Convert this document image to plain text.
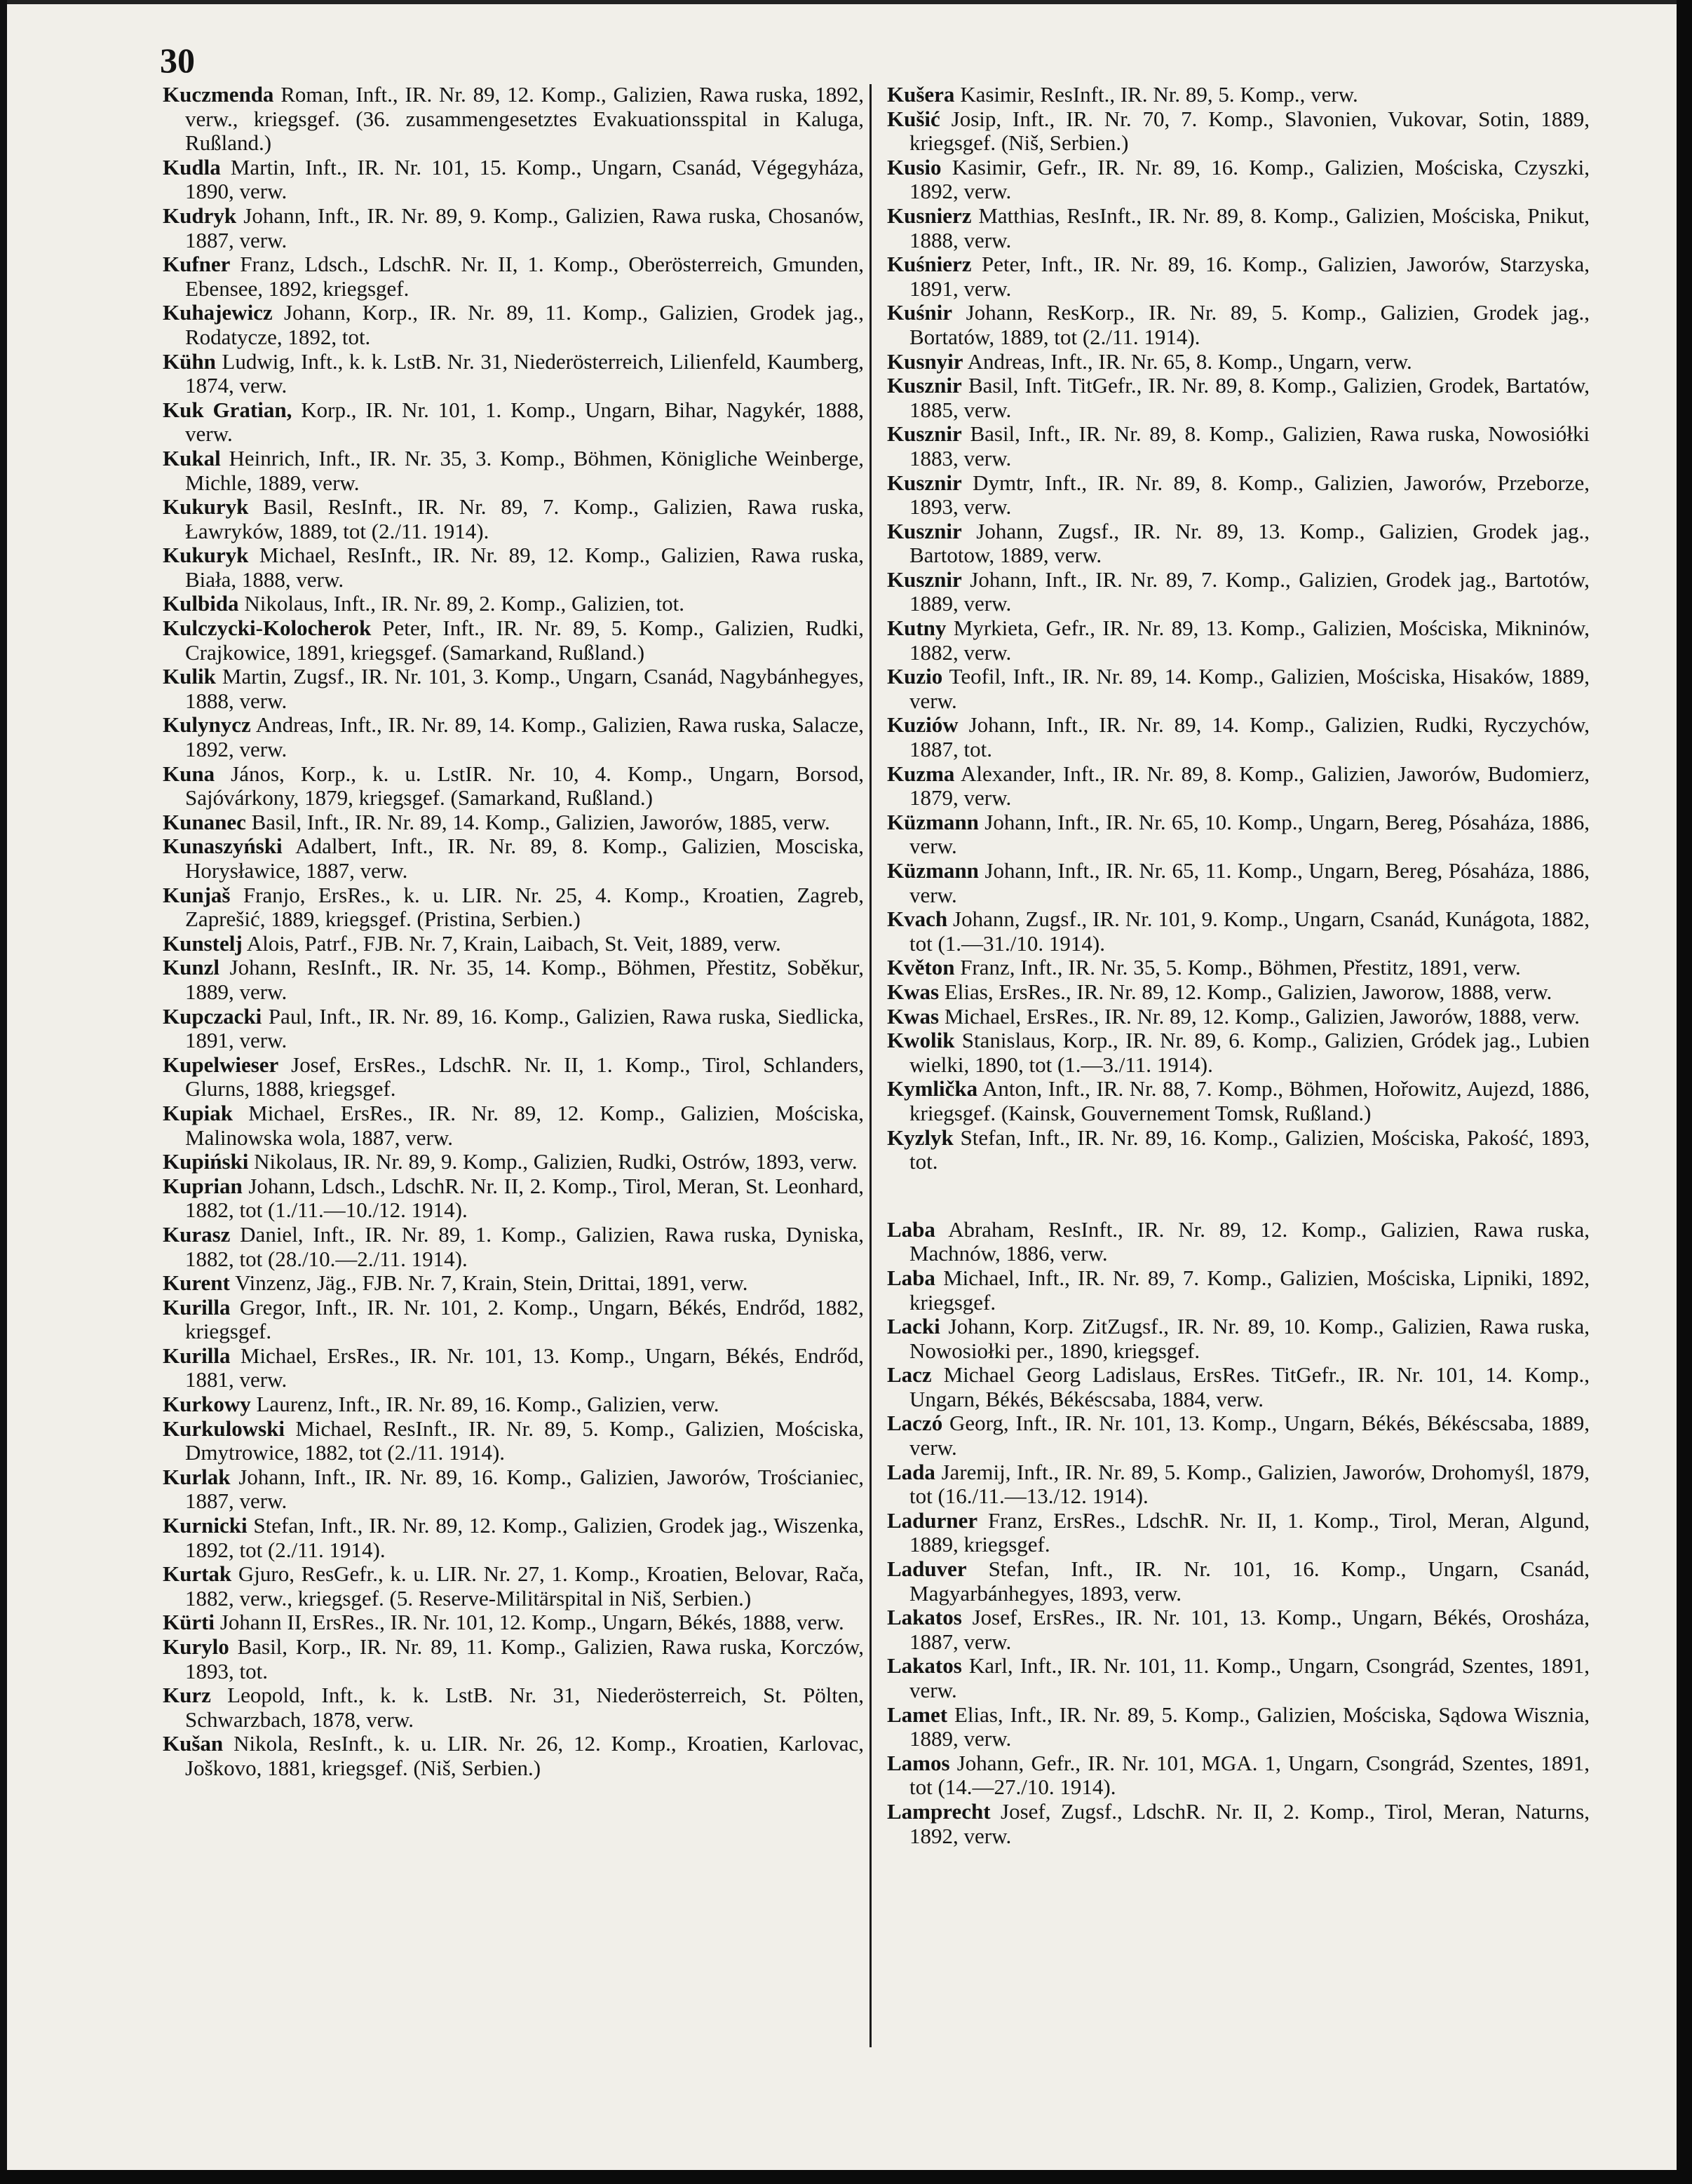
30

Kuczmenda Roman, Inft., IR. Nr. 89, 12. Komp., Galizien, Rawa ruska, 1892, verw., kriegsgef. (36. zusammengesetztes Evakuationsspital in Kaluga, Rußland.)

Kudla Martin, Inft., IR. Nr. 101, 15. Komp., Ungarn, Csanád, Végegyháza, 1890, verw.

Kudryk Johann, Inft., IR. Nr. 89, 9. Komp., Galizien, Rawa ruska, Chosanów, 1887, verw.

Kufner Franz, Ldsch., LdschR. Nr. II, 1. Komp., Oberösterreich, Gmunden, Ebensee, 1892, kriegsgef.

Kuhajewicz Johann, Korp., IR. Nr. 89, 11. Komp., Galizien, Grodek jag., Rodatycze, 1892, tot.

Kühn Ludwig, Inft., k. k. LstB. Nr. 31, Niederösterreich, Lilienfeld, Kaumberg, 1874, verw.

Kuk Gratian, Korp., IR. Nr. 101, 1. Komp., Ungarn, Bihar, Nagykér, 1888, verw.

Kukal Heinrich, Inft., IR. Nr. 35, 3. Komp., Böhmen, Königliche Weinberge, Michle, 1889, verw.

Kukuryk Basil, ResInft., IR. Nr. 89, 7. Komp., Galizien, Rawa ruska, Ławryków, 1889, tot (2./11. 1914).

Kukuryk Michael, ResInft., IR. Nr. 89, 12. Komp., Galizien, Rawa ruska, Biała, 1888, verw.

Kulbida Nikolaus, Inft., IR. Nr. 89, 2. Komp., Galizien, tot.

Kulczycki-Kolocherok Peter, Inft., IR. Nr. 89, 5. Komp., Galizien, Rudki, Crajkowice, 1891, kriegsgef. (Samarkand, Rußland.)

Kulik Martin, Zugsf., IR. Nr. 101, 3. Komp., Ungarn, Csanád, Nagybánhegyes, 1888, verw.

Kulynycz Andreas, Inft., IR. Nr. 89, 14. Komp., Galizien, Rawa ruska, Salacze, 1892, verw.

Kuna János, Korp., k. u. LstIR. Nr. 10, 4. Komp., Ungarn, Borsod, Sajóvárkony, 1879, kriegsgef. (Samarkand, Rußland.)

Kunanec Basil, Inft., IR. Nr. 89, 14. Komp., Galizien, Jaworów, 1885, verw.

Kunaszyński Adalbert, Inft., IR. Nr. 89, 8. Komp., Galizien, Mosciska, Horysławice, 1887, verw.

Kunjaš Franjo, ErsRes., k. u. LIR. Nr. 25, 4. Komp., Kroatien, Zagreb, Zaprešić, 1889, kriegsgef. (Pristina, Serbien.)

Kunstelj Alois, Patrf., FJB. Nr. 7, Krain, Laibach, St. Veit, 1889, verw.

Kunzl Johann, ResInft., IR. Nr. 35, 14. Komp., Böhmen, Přestitz, Soběkur, 1889, verw.

Kupczacki Paul, Inft., IR. Nr. 89, 16. Komp., Galizien, Rawa ruska, Siedlicka, 1891, verw.

Kupelwieser Josef, ErsRes., LdschR. Nr. II, 1. Komp., Tirol, Schlanders, Glurns, 1888, kriegsgef.

Kupiak Michael, ErsRes., IR. Nr. 89, 12. Komp., Galizien, Mościska, Malinowska wola, 1887, verw.

Kupiński Nikolaus, IR. Nr. 89, 9. Komp., Galizien, Rudki, Ostrów, 1893, verw.

Kuprian Johann, Ldsch., LdschR. Nr. II, 2. Komp., Tirol, Meran, St. Leonhard, 1882, tot (1./11.—10./12. 1914).

Kurasz Daniel, Inft., IR. Nr. 89, 1. Komp., Galizien, Rawa ruska, Dyniska, 1882, tot (28./10.—2./11. 1914).

Kurent Vinzenz, Jäg., FJB. Nr. 7, Krain, Stein, Drittai, 1891, verw.

Kurilla Gregor, Inft., IR. Nr. 101, 2. Komp., Ungarn, Békés, Endrőd, 1882, kriegsgef.

Kurilla Michael, ErsRes., IR. Nr. 101, 13. Komp., Ungarn, Békés, Endrőd, 1881, verw.

Kurkowy Laurenz, Inft., IR. Nr. 89, 16. Komp., Galizien, verw.

Kurkulowski Michael, ResInft., IR. Nr. 89, 5. Komp., Galizien, Mościska, Dmytrowice, 1882, tot (2./11. 1914).

Kurlak Johann, Inft., IR. Nr. 89, 16. Komp., Galizien, Jaworów, Trościaniec, 1887, verw.

Kurnicki Stefan, Inft., IR. Nr. 89, 12. Komp., Galizien, Grodek jag., Wiszenka, 1892, tot (2./11. 1914).

Kurtak Gjuro, ResGefr., k. u. LIR. Nr. 27, 1. Komp., Kroatien, Belovar, Rača, 1882, verw., kriegsgef. (5. Reserve-Militärspital in Niš, Serbien.)

Kürti Johann II, ErsRes., IR. Nr. 101, 12. Komp., Ungarn, Békés, 1888, verw.

Kurylo Basil, Korp., IR. Nr. 89, 11. Komp., Galizien, Rawa ruska, Korczów, 1893, tot.

Kurz Leopold, Inft., k. k. LstB. Nr. 31, Niederösterreich, St. Pölten, Schwarzbach, 1878, verw.

Kušan Nikola, ResInft., k. u. LIR. Nr. 26, 12. Komp., Kroatien, Karlovac, Joškovo, 1881, kriegsgef. (Niš, Serbien.)

Kušera Kasimir, ResInft., IR. Nr. 89, 5. Komp., verw.

Kušić Josip, Inft., IR. Nr. 70, 7. Komp., Slavonien, Vukovar, Sotin, 1889, kriegsgef. (Niš, Serbien.)

Kusio Kasimir, Gefr., IR. Nr. 89, 16. Komp., Galizien, Mościska, Czyszki, 1892, verw.

Kusnierz Matthias, ResInft., IR. Nr. 89, 8. Komp., Galizien, Mościska, Pnikut, 1888, verw.

Kuśnierz Peter, Inft., IR. Nr. 89, 16. Komp., Galizien, Jaworów, Starzyska, 1891, verw.

Kuśnir Johann, ResKorp., IR. Nr. 89, 5. Komp., Galizien, Grodek jag., Bortatów, 1889, tot (2./11. 1914).

Kusnyir Andreas, Inft., IR. Nr. 65, 8. Komp., Ungarn, verw.

Kusznir Basil, Inft. TitGefr., IR. Nr. 89, 8. Komp., Galizien, Grodek, Bartatów, 1885, verw.

Kusznir Basil, Inft., IR. Nr. 89, 8. Komp., Galizien, Rawa ruska, Nowosiółki 1883, verw.

Kusznir Dymtr, Inft., IR. Nr. 89, 8. Komp., Galizien, Jaworów, Przeborze, 1893, verw.

Kusznir Johann, Zugsf., IR. Nr. 89, 13. Komp., Galizien, Grodek jag., Bartotow, 1889, verw.

Kusznir Johann, Inft., IR. Nr. 89, 7. Komp., Galizien, Grodek jag., Bartotów, 1889, verw.

Kutny Myrkieta, Gefr., IR. Nr. 89, 13. Komp., Galizien, Mościska, Mikninów, 1882, verw.

Kuzio Teofil, Inft., IR. Nr. 89, 14. Komp., Galizien, Mościska, Hisaków, 1889, verw.

Kuziów Johann, Inft., IR. Nr. 89, 14. Komp., Galizien, Rudki, Ryczychów, 1887, tot.

Kuzma Alexander, Inft., IR. Nr. 89, 8. Komp., Galizien, Jaworów, Budomierz, 1879, verw.

Küzmann Johann, Inft., IR. Nr. 65, 10. Komp., Ungarn, Bereg, Pósaháza, 1886, verw.

Küzmann Johann, Inft., IR. Nr. 65, 11. Komp., Ungarn, Bereg, Pósaháza, 1886, verw.

Kvach Johann, Zugsf., IR. Nr. 101, 9. Komp., Ungarn, Csanád, Kunágota, 1882, tot (1.—31./10. 1914).

Květon Franz, Inft., IR. Nr. 35, 5. Komp., Böhmen, Přestitz, 1891, verw.

Kwas Elias, ErsRes., IR. Nr. 89, 12. Komp., Galizien, Jaworow, 1888, verw.

Kwas Michael, ErsRes., IR. Nr. 89, 12. Komp., Galizien, Jaworów, 1888, verw.

Kwolik Stanislaus, Korp., IR. Nr. 89, 6. Komp., Galizien, Gródek jag., Lubien wielki, 1890, tot (1.—3./11. 1914).

Kymlička Anton, Inft., IR. Nr. 88, 7. Komp., Böhmen, Hořowitz, Aujezd, 1886, kriegsgef. (Kainsk, Gouvernement Tomsk, Rußland.)

Kyzlyk Stefan, Inft., IR. Nr. 89, 16. Komp., Galizien, Mościska, Pakość, 1893, tot.

Laba Abraham, ResInft., IR. Nr. 89, 12. Komp., Galizien, Rawa ruska, Machnów, 1886, verw.

Laba Michael, Inft., IR. Nr. 89, 7. Komp., Galizien, Mościska, Lipniki, 1892, kriegsgef.

Lacki Johann, Korp. ZitZugsf., IR. Nr. 89, 10. Komp., Galizien, Rawa ruska, Nowosiołki per., 1890, kriegsgef.

Lacz Michael Georg Ladislaus, ErsRes. TitGefr., IR. Nr. 101, 14. Komp., Ungarn, Békés, Békéscsaba, 1884, verw.

Laczó Georg, Inft., IR. Nr. 101, 13. Komp., Ungarn, Békés, Békéscsaba, 1889, verw.

Lada Jaremij, Inft., IR. Nr. 89, 5. Komp., Galizien, Jaworów, Drohomyśl, 1879, tot (16./11.—13./12. 1914).

Ladurner Franz, ErsRes., LdschR. Nr. II, 1. Komp., Tirol, Meran, Algund, 1889, kriegsgef.

Laduver Stefan, Inft., IR. Nr. 101, 16. Komp., Ungarn, Csanád, Magyarbánhegyes, 1893, verw.

Lakatos Josef, ErsRes., IR. Nr. 101, 13. Komp., Ungarn, Békés, Orosháza, 1887, verw.

Lakatos Karl, Inft., IR. Nr. 101, 11. Komp., Ungarn, Csongrád, Szentes, 1891, verw.

Lamet Elias, Inft., IR. Nr. 89, 5. Komp., Galizien, Mościska, Sądowa Wisznia, 1889, verw.

Lamos Johann, Gefr., IR. Nr. 101, MGA. 1, Ungarn, Csongrád, Szentes, 1891, tot (14.—27./10. 1914).

Lamprecht Josef, Zugsf., LdschR. Nr. II, 2. Komp., Tirol, Meran, Naturns, 1892, verw.
